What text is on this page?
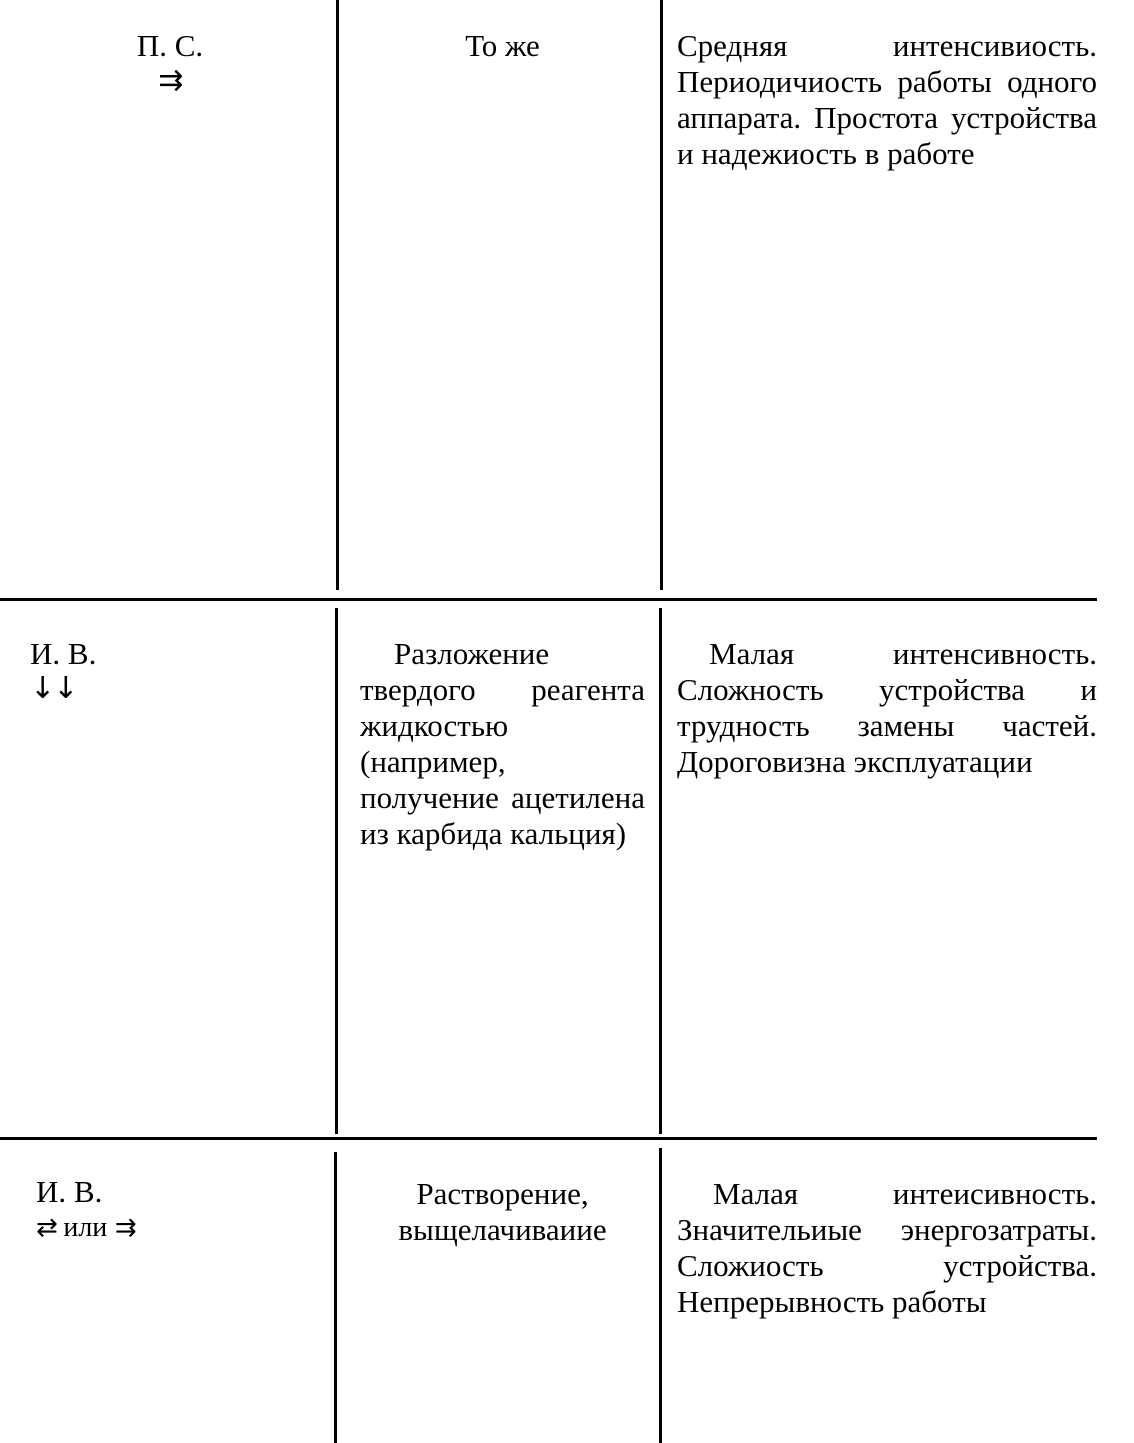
П. С.
⇉
То же	Средняя интенсивиость. Периодичиость работы одного аппарата. Простота устройства и надежиость в работе
И. В.
↓↓
Разложение твердого реагента жидкостью (например, получение ацетилена из карбида кальция)
Малая интенсивность. Сложность устройства и трудность замены частей. Дороговизна эксплуатации
И. В.
⇄ или ⇉
Растворение, выщелачиваиие
Малая интеисивность. Значительиые энергозатраты. Сложиость устройства. Непрерывность работы
